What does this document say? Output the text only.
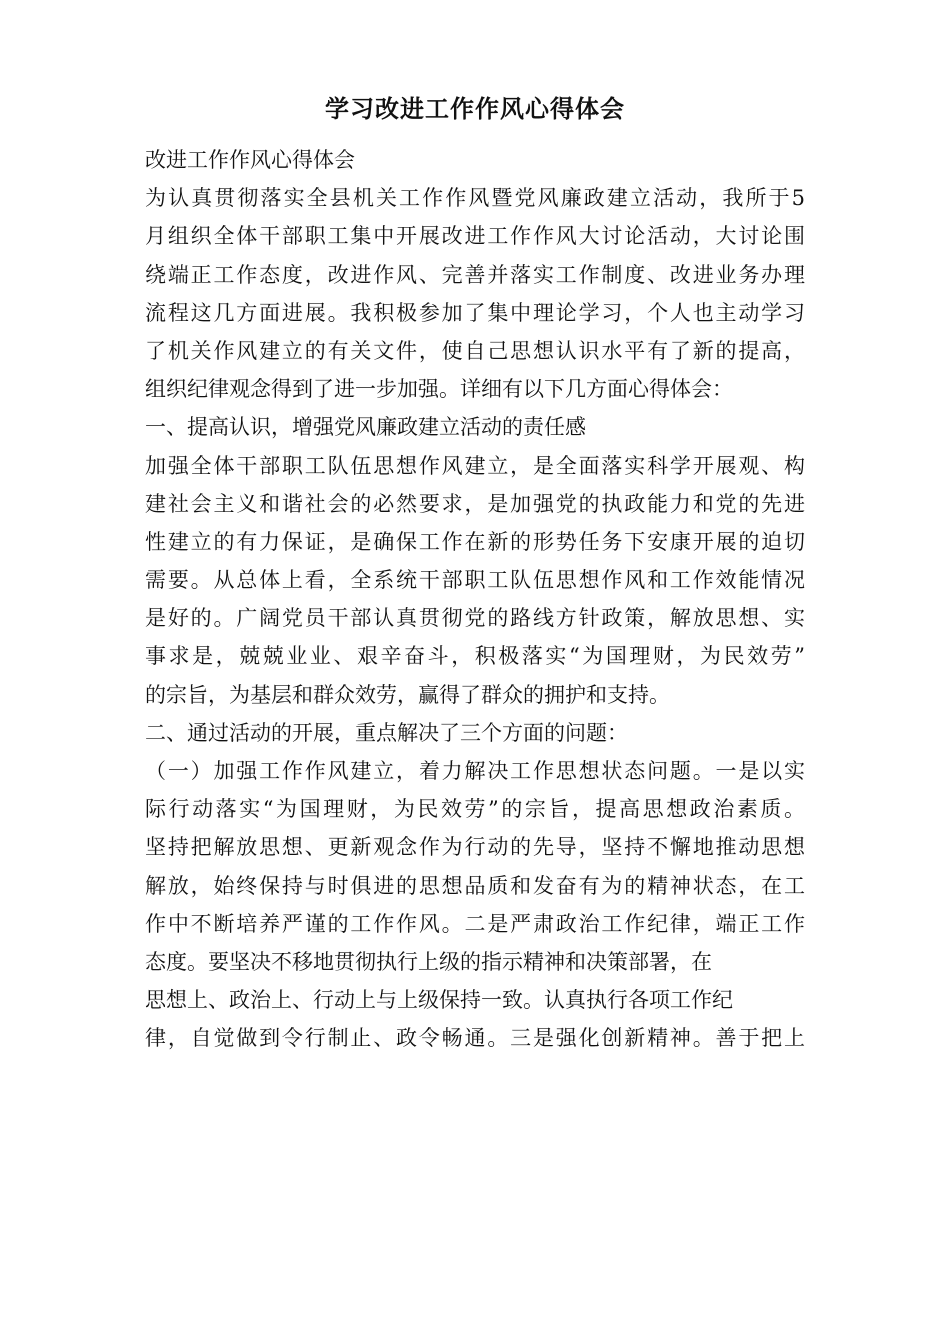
学习改进工作作风心得体会
改进工作作风心得体会
为认真贯彻落实全县机关工作作风暨党风廉政建立活动，我所于5
月组织全体干部职工集中开展改进工作作风大讨论活动，大讨论围
绕端正工作态度，改进作风、完善并落实工作制度、改进业务办理
流程这几方面进展。我积极参加了集中理论学习，个人也主动学习
了机关作风建立的有关文件，使自己思想认识水平有了新的提高，
组织纪律观念得到了进一步加强。详细有以下几方面心得体会：
一、提高认识，增强党风廉政建立活动的责任感
加强全体干部职工队伍思想作风建立，是全面落实科学开展观、构
建社会主义和谐社会的必然要求，是加强党的执政能力和党的先进
性建立的有力保证，是确保工作在新的形势任务下安康开展的迫切
需要。从总体上看，全系统干部职工队伍思想作风和工作效能情况
是好的。广阔党员干部认真贯彻党的路线方针政策，解放思想、实
事求是，兢兢业业、艰辛奋斗，积极落实“为国理财，为民效劳”
的宗旨，为基层和群众效劳，赢得了群众的拥护和支持。
二、通过活动的开展，重点解决了三个方面的问题：
（一）加强工作作风建立，着力解决工作思想状态问题。一是以实
际行动落实“为国理财，为民效劳”的宗旨，提高思想政治素质。
坚持把解放思想、更新观念作为行动的先导，坚持不懈地推动思想
解放，始终保持与时俱进的思想品质和发奋有为的精神状态，在工
作中不断培养严谨的工作作风。二是严肃政治工作纪律，端正工作
态度。要坚决不移地贯彻执行上级的指示精神和决策部署，在
思想上、政治上、行动上与上级保持一致。认真执行各项工作纪
律，自觉做到令行制止、政令畅通。三是强化创新精神。善于把上
